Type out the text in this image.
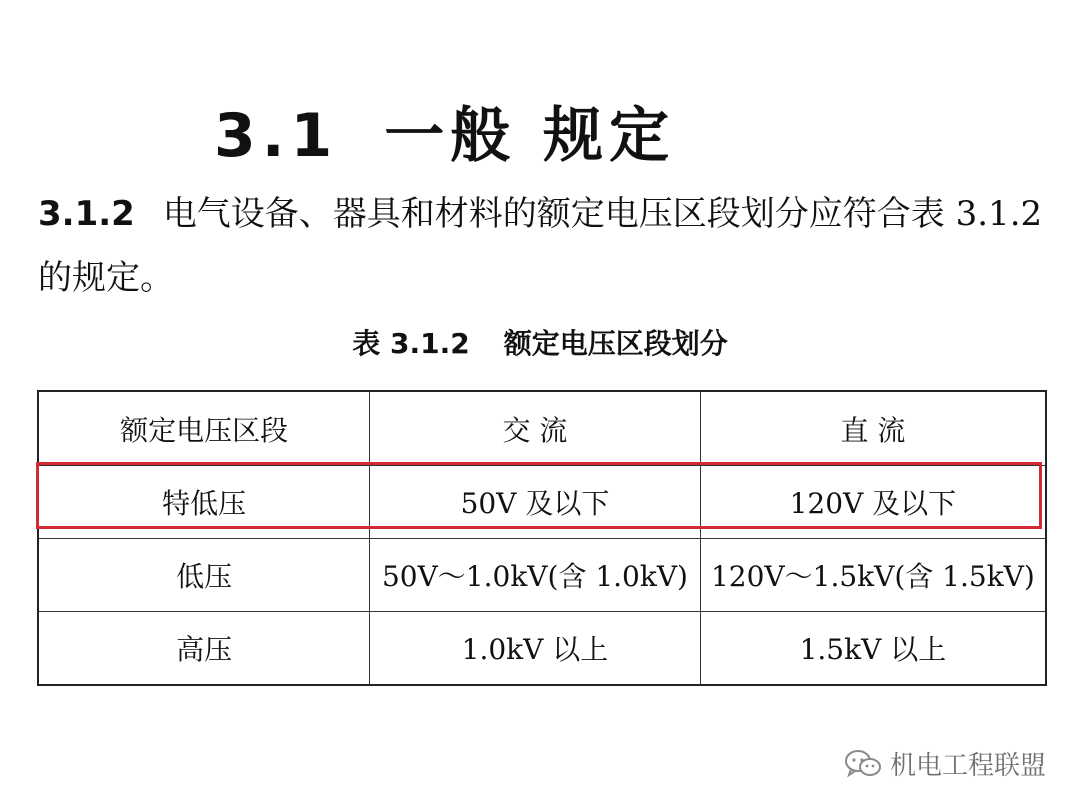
3.1 一般 规定

3.1.2 电气设备、器具和材料的额定电压区段划分应符合表 3.1.2 的规定。

表 3.1.2 额定电压区段划分

额定电压区段	交 流	直 流
特低压	50V 及以下	120V 及以下
低压	50V～1.0kV(含 1.0kV)	120V～1.5kV(含 1.5kV)
高压	1.0kV 以上	1.5kV 以上
机电工程联盟
